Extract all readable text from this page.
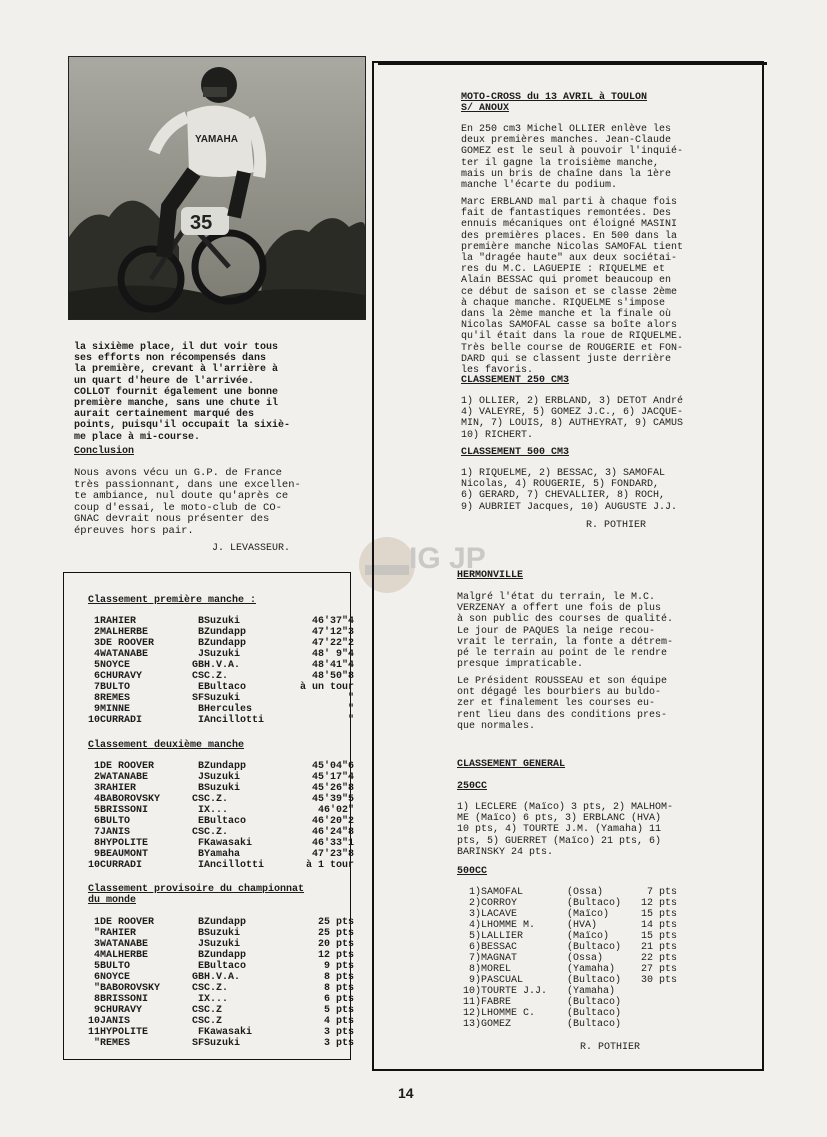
35
YAMAHA
la sixième place, il dut voir tous
ses efforts non récompensés dans
la première, crevant à l'arrière à
un quart d'heure de l'arrivée.
COLLOT fournit également une bonne
première manche, sans une chute il
aurait certainement marqué des
points, puisqu'il occupait la sixiè-
me place à mi-course.
Conclusion
Nous avons vécu un G.P. de France
très passionnant, dans une excellen-
te ambiance, nul doute qu'après ce
coup d'essai, le moto-club de CO-
GNAC devrait nous présenter des
épreuves hors pair.
J. LEVASSEUR.
Classement première manche :
1	RAHIER	B	Suzuki	46'37"4
2	MALHERBE	B	Zundapp	47'12"3
3	DE ROOVER	B	Zundapp	47'22"2
4	WATANABE	J	Suzuki	48' 9"4
5	NOYCE	GB	H.V.A.	48'41"4
6	CHURAVY	CS	C.Z.	48'50"8
7	BULTO	E	Bultaco	à un tour
8	REMES	SF	Suzuki	"
9	MINNE	B	Hercules	"
10	CURRADI	I	Ancillotti	"
Classement deuxième manche
1	DE ROOVER	B	Zundapp	45'04"6
2	WATANABE	J	Suzuki	45'17"4
3	RAHIER	B	Suzuki	45'26"8
4	BABOROVSKY	CS	C.Z.	45'39"5
5	BRISSONI	I	X...	46'02"
6	BULTO	E	Bultaco	46'20"2
7	JANIS	CS	C.Z.	46'24"8
8	HYPOLITE	F	Kawasaki	46'33"1
9	BEAUMONT	B	Yamaha	47'23"8
10	CURRADI	I	Ancillotti	à 1 tour
Classement provisoire du championnat
du monde
1	DE ROOVER	B	Zundapp	25 pts
"	RAHIER	B	Suzuki	25 pts
3	WATANABE	J	Suzuki	20 pts
4	MALHERBE	B	Zundapp	12 pts
5	BULTO	E	Bultaco	9 pts
6	NOYCE	GB	H.V.A.	8 pts
"	BABOROVSKY	CS	C.Z.	8 pts
8	BRISSONI	I	X...	6 pts
9	CHURAVY	CS	C.Z	5 pts
10	JANIS	CS	C.Z	4 pts
11	HYPOLITE	F	Kawasaki	3 pts
"	REMES	SF	Suzuki	3 pts
IG JP
MOTO-CROSS du 13 AVRIL à TOULON
S/ ANOUX
En 250 cm3 Michel OLLIER enlève les
deux premières manches. Jean-Claude
GOMEZ est le seul à pouvoir l'inquié-
ter il gagne la troisième manche,
mais un bris de chaîne dans la 1ère
manche l'écarte du podium.
Marc ERBLAND mal parti à chaque fois
fait de fantastiques remontées. Des
ennuis mécaniques ont éloigné MASINI
des premières places. En 500 dans la
première manche Nicolas SAMOFAL tient
la "dragée haute" aux deux sociétai-
res du M.C. LAGUEPIE : RIQUELME et
Alain BESSAC qui promet beaucoup en
ce début de saison et se classe 2ème
à chaque manche. RIQUELME s'impose
dans la 2ème manche et la finale où
Nicolas SAMOFAL casse sa boîte alors
qu'il était dans la roue de RIQUELME.
Très belle course de ROUGERIE et FON-
DARD qui se classent juste derrière
les favoris.
CLASSEMENT 250 CM3
1) OLLIER, 2) ERBLAND, 3) DETOT André
4) VALEYRE, 5) GOMEZ J.C., 6) JACQUE-
MIN, 7) LOUIS, 8) AUTHEYRAT, 9) CAMUS
10) RICHERT.
CLASSEMENT 500 CM3
1) RIQUELME, 2) BESSAC, 3) SAMOFAL
Nicolas, 4) ROUGERIE, 5) FONDARD,
6) GERARD, 7) CHEVALLIER, 8) ROCH,
9) AUBRIET Jacques, 10) AUGUSTE J.J.
R. POTHIER
HERMONVILLE
Malgré l'état du terrain, le M.C.
VERZENAY a offert une fois de plus
à son public des courses de qualité.
Le jour de PAQUES la neige recou-
vrait le terrain, la fonte a détrem-
pé le terrain au point de le rendre
presque impraticable.
Le Président ROUSSEAU et son équipe
ont dégagé les bourbiers au buldo-
zer et finalement les courses eu-
rent lieu dans des conditions pres-
que normales.
CLASSEMENT GENERAL
250CC
1) LECLERE (Maïco) 3 pts, 2) MALHOM-
ME (Maïco) 6 pts, 3) ERBLANC (HVA)
10 pts, 4) TOURTE J.M. (Yamaha) 11
pts, 5) GUERRET (Maïco) 21 pts, 6)
BARINSKY 24 pts.
500CC
1)	SAMOFAL	(Ossa)	7 pts
2)	CORROY	(Bultaco)	12 pts
3)	LACAVE	(Maïco)	15 pts
4)	LHOMME M.	(HVA)	14 pts
5)	LALLIER	(Maïco)	15 pts
6)	BESSAC	(Bultaco)	21 pts
7)	MAGNAT	(Ossa)	22 pts
8)	MOREL	(Yamaha)	27 pts
9)	PASCUAL	(Bultaco)	30 pts
10)	TOURTE J.J.	(Yamaha)	
11)	FABRE	(Bultaco)	
12)	LHOMME C.	(Bultaco)	
13)	GOMEZ	(Bultaco)	
R. POTHIER
14
